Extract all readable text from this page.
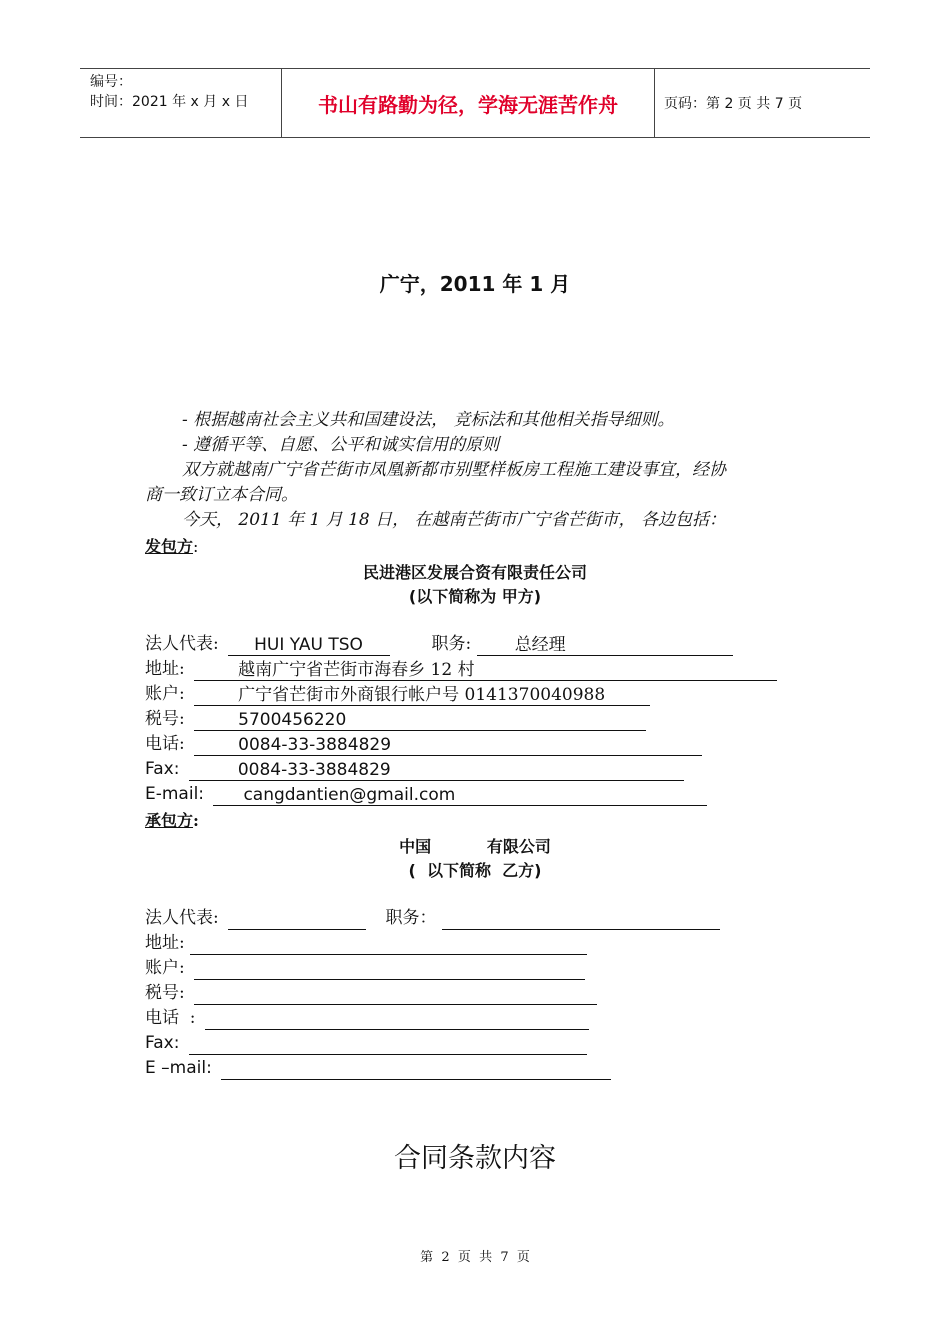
编号：
时间：2021 年 x 月 x 日	书山有路勤为径，学海无涯苦作舟	页码：第 2 页 共 7 页
广宁，2011 年 1 月
- 根据越南社会主义共和国建设法， 竞标法和其他相关指导细则。
- 遵循平等、自愿、公平和诚实信用的原则
双方就越南广宁省芒街市凤凰新都市别墅样板房工程施工建设事宜，经协
商一致订立本合同。
今天， 2011 年 1 月 18 日， 在越南芒街市广宁省芒街市， 各边包括：
发包方:
民进港区发展合资有限责任公司
(以下简称为 甲方)
法人代表: HUI YAU TSO	职务:	总经理
地址:	越南广宁省芒街市海春乡 12 村
账户:	广宁省芒街市外商银行帐户号 0141370040988
税号:	5700456220
电话:	0084-33-3884829
Fax:	0084-33-3884829
E-mail: cangdantien@gmail.com
承包方:
中国          有限公司
(  以下简称  乙方)
法人代表:	职务：
地址:
账户:
税号:
电话  :
Fax:
E –mail:
合同条款内容
第  2  页  共  7  页
